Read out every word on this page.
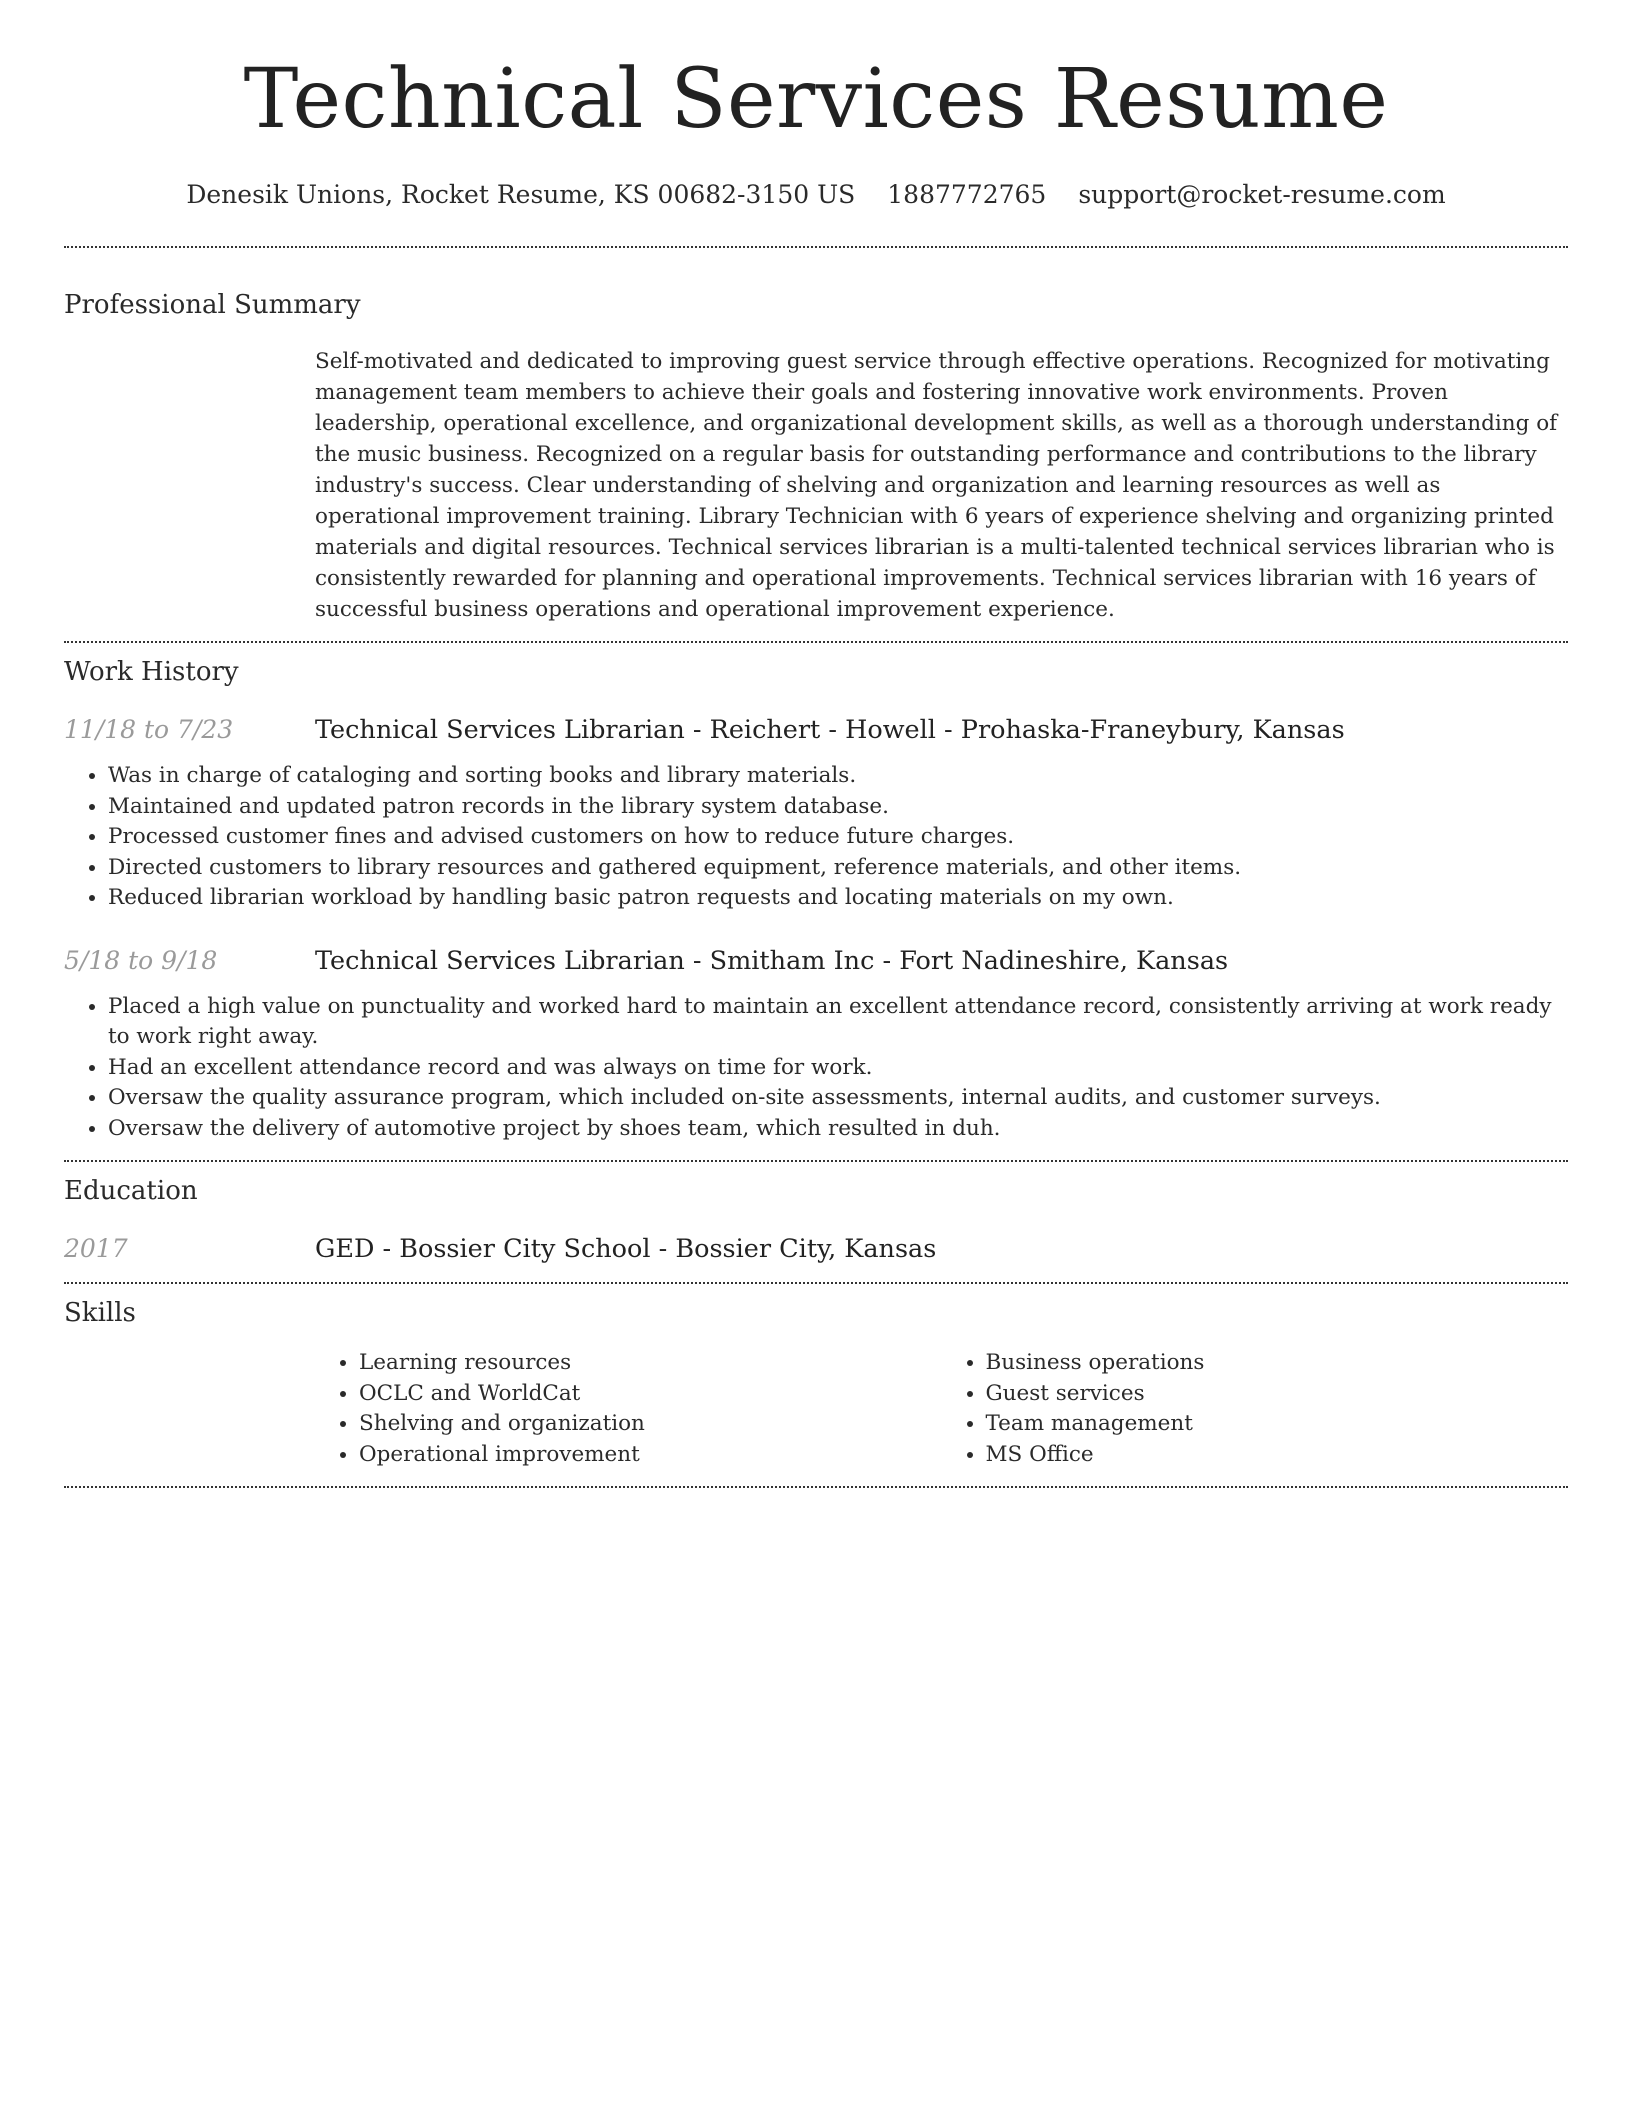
Technical Services Resume
Denesik Unions, Rocket Resume, KS 00682-3150 US 1887772765 support@rocket-resume.com
Professional Summary

Self-motivated and dedicated to improving guest service through effective operations. Recognized for motivating management team members to achieve their goals and fostering innovative work environments. Proven leadership, operational excellence, and organizational development skills, as well as a thorough understanding of the music business. Recognized on a regular basis for outstanding performance and contributions to the library industry's success. Clear understanding of shelving and organization and learning resources as well as operational improvement training. Library Technician with 6 years of experience shelving and organizing printed materials and digital resources. Technical services librarian is a multi-talented technical services librarian who is consistently rewarded for planning and operational improvements. Technical services librarian with 16 years of successful business operations and operational improvement experience.

Work History
11/18 to 7/23	Technical Services Librarian - Reichert - Howell - Prohaska-Franeybury, Kansas
• Was in charge of cataloging and sorting books and library materials.
• Maintained and updated patron records in the library system database.
• Processed customer fines and advised customers on how to reduce future charges.
• Directed customers to library resources and gathered equipment, reference materials, and other items.
• Reduced librarian workload by handling basic patron requests and locating materials on my own.
5/18 to 9/18	Technical Services Librarian - Smitham Inc - Fort Nadineshire, Kansas
• Placed a high value on punctuality and worked hard to maintain an excellent attendance record, consistently arriving at work ready to work right away.
• Had an excellent attendance record and was always on time for work.
• Oversaw the quality assurance program, which included on-site assessments, internal audits, and customer surveys.
• Oversaw the delivery of automotive project by shoes team, which resulted in duh.
Education
2017	GED - Bossier City School - Bossier City, Kansas
Skills
• Learning resources
• OCLC and WorldCat
• Shelving and organization
• Operational improvement
• Business operations
• Guest services
• Team management
• MS Office
